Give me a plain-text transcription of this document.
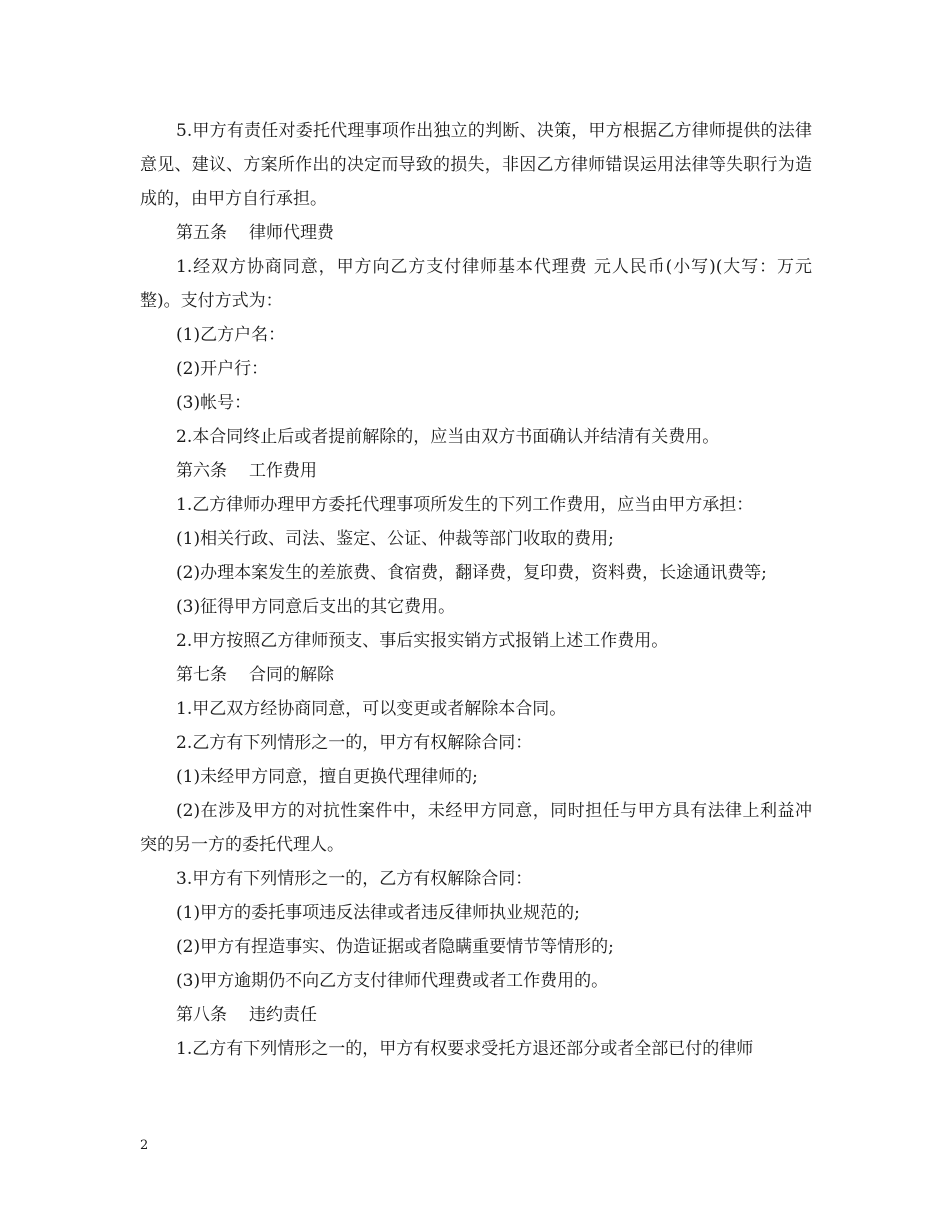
5.甲方有责任对委托代理事项作出独立的判断、决策，甲方根据乙方律师提供的法律意见、建议、方案所作出的决定而导致的损失，非因乙方律师错误运用法律等失职行为造成的，由甲方自行承担。

第五条 律师代理费

1.经双方协商同意，甲方向乙方支付律师基本代理费 元人民币(小写)(大写：万元整)。支付方式为：

(1)乙方户名：

(2)开户行：

(3)帐号：

2.本合同终止后或者提前解除的，应当由双方书面确认并结清有关费用。

第六条 工作费用

1.乙方律师办理甲方委托代理事项所发生的下列工作费用，应当由甲方承担：

(1)相关行政、司法、鉴定、公证、仲裁等部门收取的费用;

(2)办理本案发生的差旅费、食宿费，翻译费，复印费，资料费，长途通讯费等;

(3)征得甲方同意后支出的其它费用。

2.甲方按照乙方律师预支、事后实报实销方式报销上述工作费用。

第七条 合同的解除

1.甲乙双方经协商同意，可以变更或者解除本合同。

2.乙方有下列情形之一的，甲方有权解除合同：

(1)未经甲方同意，擅自更换代理律师的;

(2)在涉及甲方的对抗性案件中，未经甲方同意，同时担任与甲方具有法律上利益冲突的另一方的委托代理人。

3.甲方有下列情形之一的，乙方有权解除合同：

(1)甲方的委托事项违反法律或者违反律师执业规范的;

(2)甲方有捏造事实、伪造证据或者隐瞒重要情节等情形的;

(3)甲方逾期仍不向乙方支付律师代理费或者工作费用的。

第八条 违约责任

1.乙方有下列情形之一的，甲方有权要求受托方退还部分或者全部已付的律师

2
